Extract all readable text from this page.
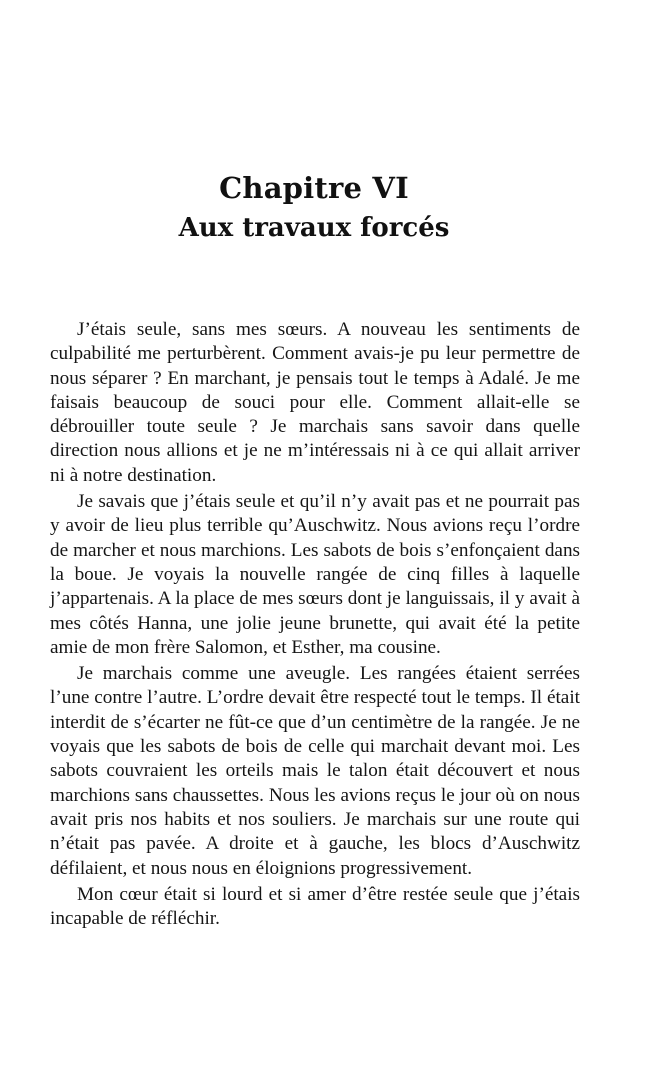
Chapitre VI
Aux travaux forcés

J’étais seule, sans mes sœurs. A nouveau les sentiments de culpabilité me perturbèrent. Comment avais-je pu leur permettre de nous séparer ? En marchant, je pensais tout le temps à Adalé. Je me faisais beaucoup de souci pour elle. Comment allait-elle se débrouiller toute seule ? Je marchais sans savoir dans quelle direction nous allions et je ne m’intéressais ni à ce qui allait arriver ni à notre destination.

Je savais que j’étais seule et qu’il n’y avait pas et ne pourrait pas y avoir de lieu plus terrible qu’Auschwitz. Nous avions reçu l’ordre de marcher et nous marchions. Les sabots de bois s’enfonçaient dans la boue. Je voyais la nouvelle rangée de cinq filles à laquelle j’appartenais. A la place de mes sœurs dont je languissais, il y avait à mes côtés Hanna, une jolie jeune brunette, qui avait été la petite amie de mon frère Salomon, et Esther, ma cousine.

Je marchais comme une aveugle. Les rangées étaient serrées l’une contre l’autre. L’ordre devait être respecté tout le temps. Il était interdit de s’écarter ne fût-ce que d’un centimètre de la rangée. Je ne voyais que les sabots de bois de celle qui marchait devant moi. Les sabots couvraient les orteils mais le talon était découvert et nous marchions sans chaussettes. Nous les avions reçus le jour où on nous avait pris nos habits et nos souliers. Je marchais sur une route qui n’était pas pavée. A droite et à gauche, les blocs d’Auschwitz défilaient, et nous nous en éloignions progressivement.

Mon cœur était si lourd et si amer d’être restée seule que j’étais incapable de réfléchir.
